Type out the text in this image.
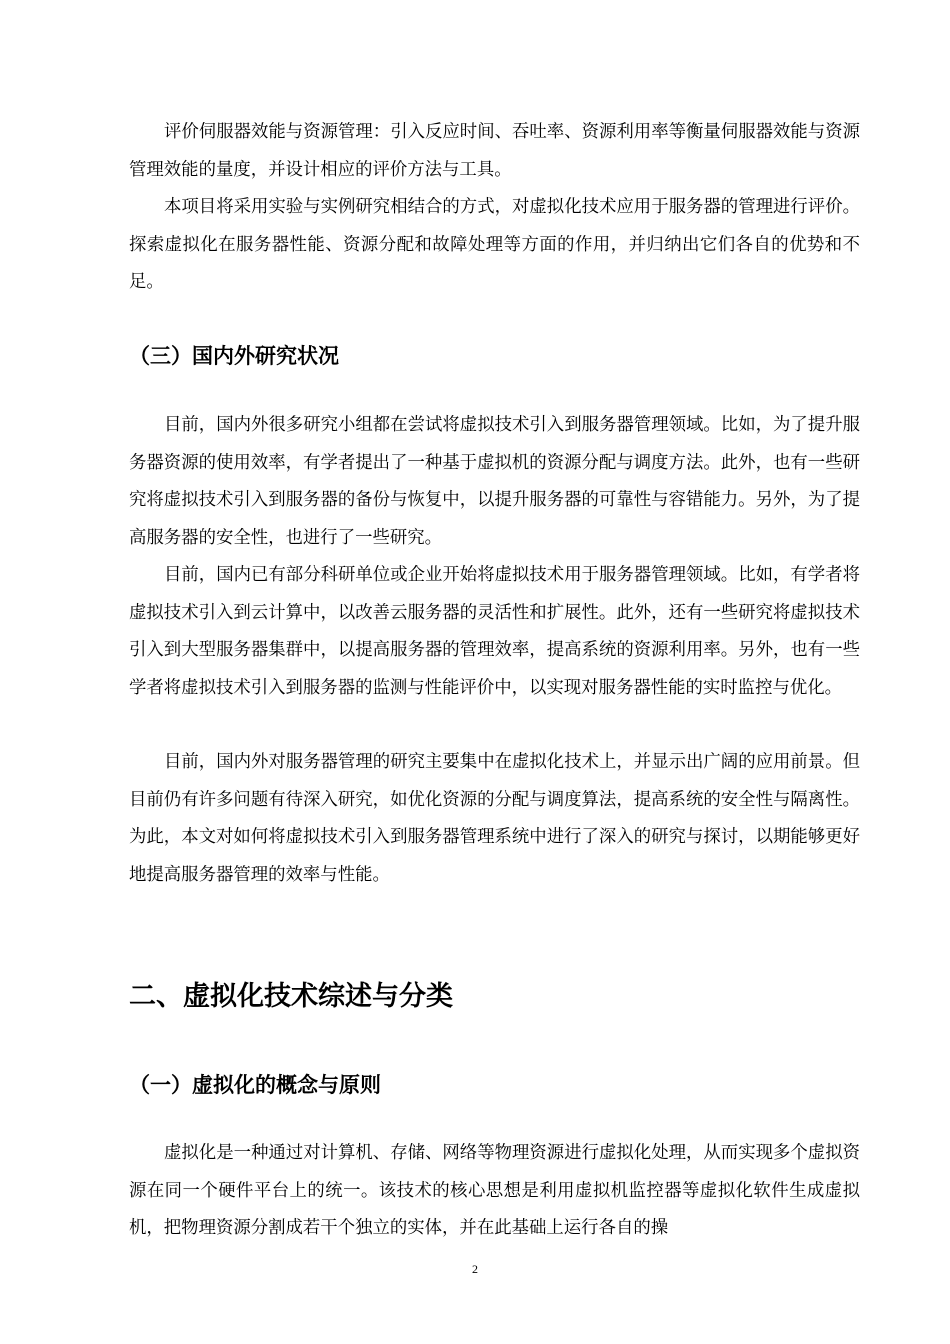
评价伺服器效能与资源管理：引入反应时间、吞吐率、资源利用率等衡量伺服器效能与资源管理效能的量度，并设计相应的评价方法与工具。

本项目将采用实验与实例研究相结合的方式，对虚拟化技术应用于服务器的管理进行评价。探索虚拟化在服务器性能、资源分配和故障处理等方面的作用，并归纳出它们各自的优势和不足。

（三）国内外研究状况

目前，国内外很多研究小组都在尝试将虚拟技术引入到服务器管理领域。比如，为了提升服务器资源的使用效率，有学者提出了一种基于虚拟机的资源分配与调度方法。此外，也有一些研究将虚拟技术引入到服务器的备份与恢复中，以提升服务器的可靠性与容错能力。另外，为了提高服务器的安全性，也进行了一些研究。

目前，国内已有部分科研单位或企业开始将虚拟技术用于服务器管理领域。比如，有学者将虚拟技术引入到云计算中，以改善云服务器的灵活性和扩展性。此外，还有一些研究将虚拟技术引入到大型服务器集群中，以提高服务器的管理效率，提高系统的资源利用率。另外，也有一些学者将虚拟技术引入到服务器的监测与性能评价中，以实现对服务器性能的实时监控与优化。

目前，国内外对服务器管理的研究主要集中在虚拟化技术上，并显示出广阔的应用前景。但目前仍有许多问题有待深入研究，如优化资源的分配与调度算法，提高系统的安全性与隔离性。为此，本文对如何将虚拟技术引入到服务器管理系统中进行了深入的研究与探讨，以期能够更好地提高服务器管理的效率与性能。

二、虚拟化技术综述与分类
（一）虚拟化的概念与原则

虚拟化是一种通过对计算机、存储、网络等物理资源进行虚拟化处理，从而实现多个虚拟资源在同一个硬件平台上的统一。该技术的核心思想是利用虚拟机监控器等虚拟化软件生成虚拟机，把物理资源分割成若干个独立的实体，并在此基础上运行各自的操

2
